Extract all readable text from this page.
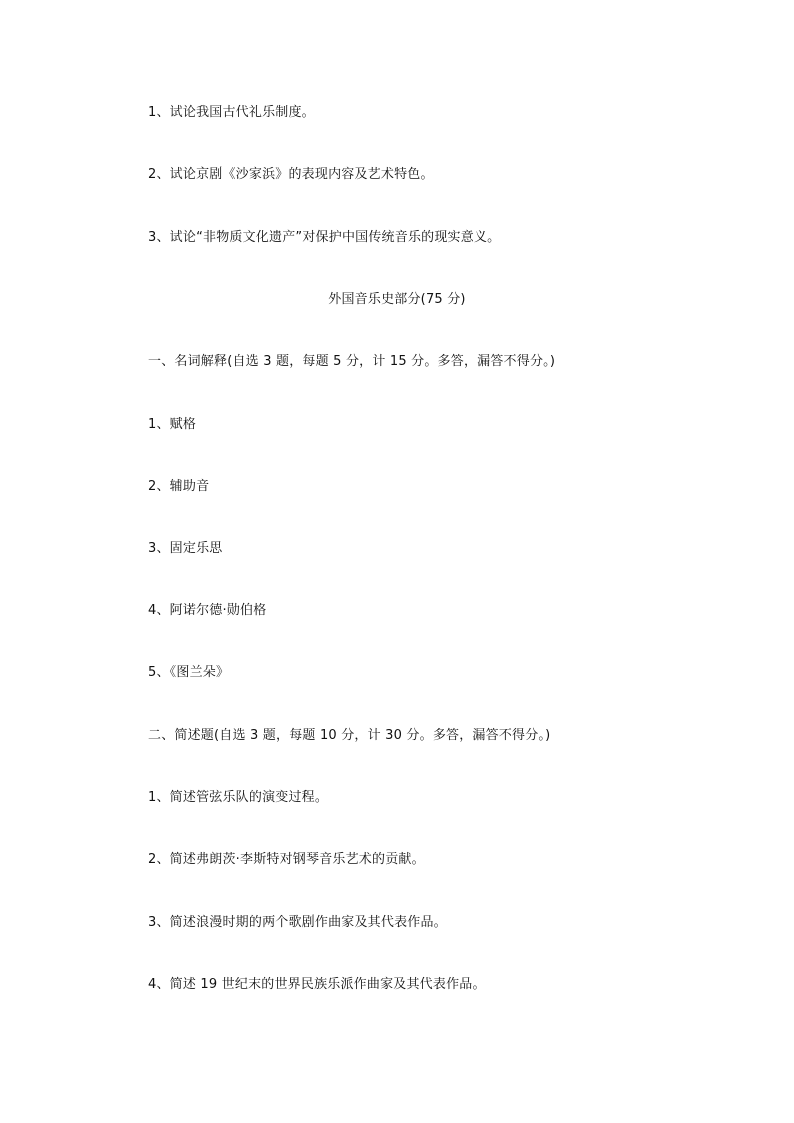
1、试论我国古代礼乐制度。
2、试论京剧《沙家浜》的表现内容及艺术特色。
3、试论“非物质文化遗产”对保护中国传统音乐的现实意义。
外国音乐史部分(75 分)
一、名词解释(自选 3 题，每题 5 分，计 15 分。多答，漏答不得分。)
1、赋格
2、辅助音
3、固定乐思
4、阿诺尔德·勋伯格
5、《图兰朵》
二、简述题(自选 3 题，每题 10 分，计 30 分。多答，漏答不得分。)
1、简述管弦乐队的演变过程。
2、简述弗朗茨·李斯特对钢琴音乐艺术的贡献。
3、简述浪漫时期的两个歌剧作曲家及其代表作品。
4、简述 19 世纪末的世界民族乐派作曲家及其代表作品。
